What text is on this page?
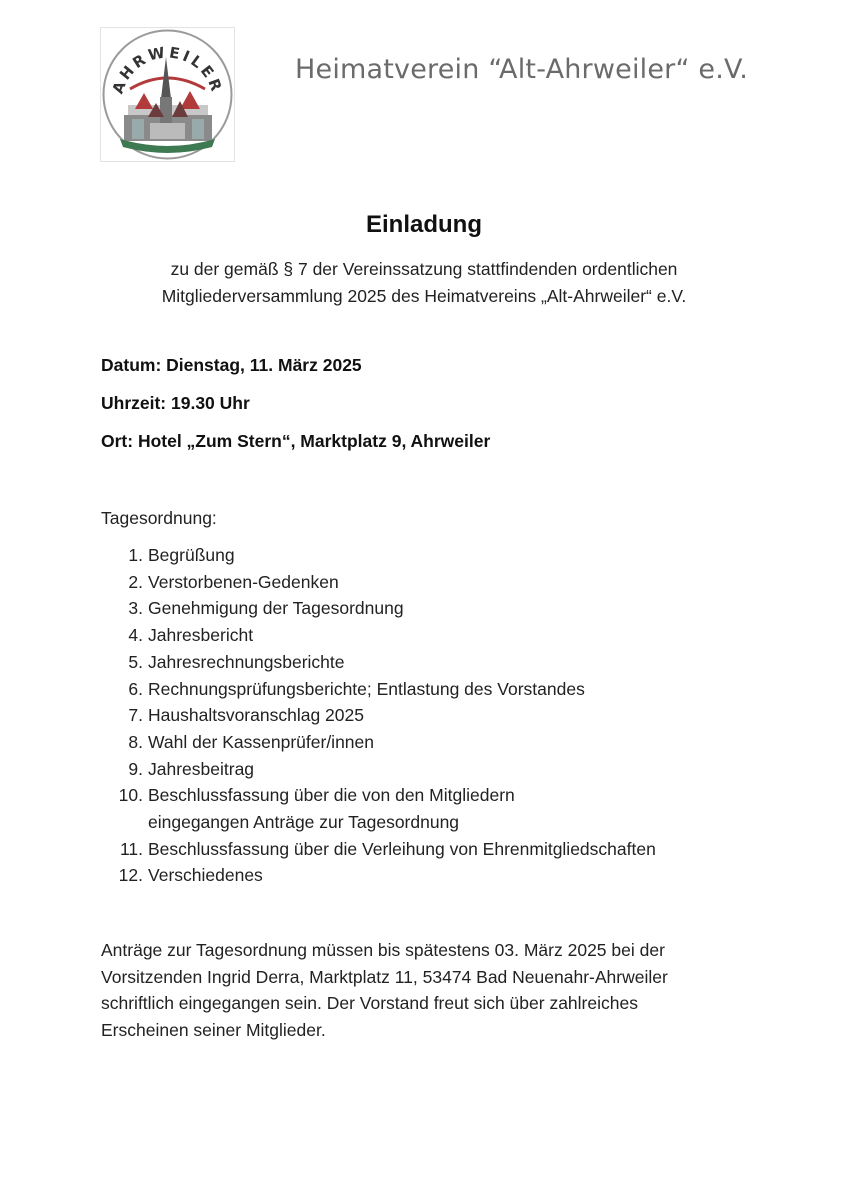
AHRWEILER
Heimatverein “Alt-Ahrweiler“ e.V.
Einladung
zu der gemäß § 7 der Vereinssatzung stattfindenden ordentlichen
Mitgliederversammlung 2025 des Heimatvereins „Alt-Ahrweiler“ e.V.
Datum: Dienstag, 11. März 2025
Uhrzeit: 19.30 Uhr
Ort: Hotel „Zum Stern“, Marktplatz 9, Ahrweiler
Tagesordnung:
1. Begrüßung
2. Verstorbenen-Gedenken
3. Genehmigung der Tagesordnung
4. Jahresbericht
5. Jahresrechnungsberichte
6. Rechnungsprüfungsberichte; Entlastung des Vorstandes
7. Haushaltsvoranschlag 2025
8. Wahl der Kassenprüfer/innen
9. Jahresbeitrag
10. Beschlussfassung über die von den Mitgliedern
eingegangen Anträge zur Tagesordnung
11. Beschlussfassung über die Verleihung von Ehrenmitgliedschaften
12. Verschiedenes
Anträge zur Tagesordnung müssen bis spätestens 03. März 2025 bei der
Vorsitzenden Ingrid Derra, Marktplatz 11, 53474 Bad Neuenahr-Ahrweiler
schriftlich eingegangen sein. Der Vorstand freut sich über zahlreiches
Erscheinen seiner Mitglieder.
